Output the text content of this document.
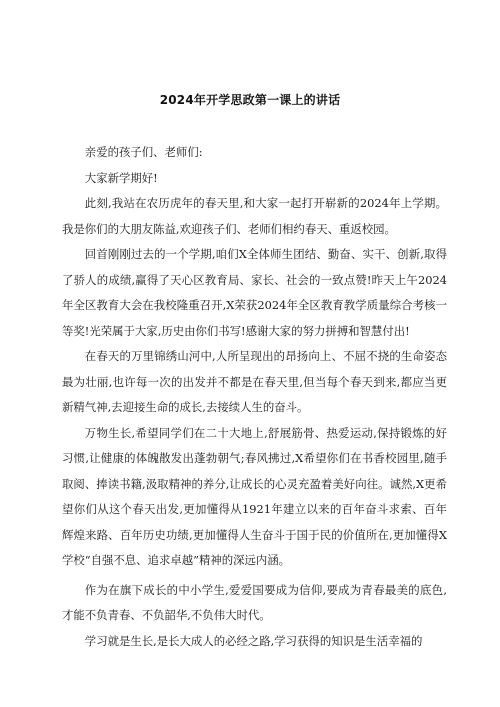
2024年开学思政第一课上的讲话

亲爱的孩子们、老师们:

大家新学期好!

此刻,我站在农历虎年的春天里,和大家一起打开崭新的2024年上学期。我是你们的大朋友陈益,欢迎孩子们、老师们相约春天、重返校园。

回首刚刚过去的一个学期,咱们X全体师生团结、勤奋、实干、创新,取得了骄人的成绩,赢得了天心区教育局、家长、社会的一致点赞!昨天上午2024年全区教育大会在我校隆重召开,X荣获2024年全区教育教学质量综合考核一等奖!光荣属于大家,历史由你们书写!感谢大家的努力拼搏和智慧付出!

在春天的万里锦绣山河中,人所呈现出的昂扬向上、不屈不挠的生命姿态最为壮丽,也许每一次的出发并不都是在春天里,但当每个春天到来,都应当更新精气神,去迎接生命的成长,去接续人生的奋斗。

万物生长,希望同学们在二十大地上,舒展筋骨、热爱运动,保持锻炼的好习惯,让健康的体魄散发出蓬勃朝气;春风拂过,X希望你们在书香校园里,随手取阅、捧读书籍,汲取精神的养分,让成长的心灵充盈着美好向往。诚然,X更希望你们从这个春天出发,更加懂得从1921年建立以来的百年奋斗求索、百年辉煌来路、百年历史功绩,更加懂得人生奋斗于国于民的价值所在,更加懂得X学校“自强不息、追求卓越”精神的深远内涵。

作为在旗下成长的中小学生,爱爱国要成为信仰,要成为青春最美的底色,才能不负青春、不负韶华,不负伟大时代。

学习就是生长,是长大成人的必经之路,学习获得的知识是生活幸福的
